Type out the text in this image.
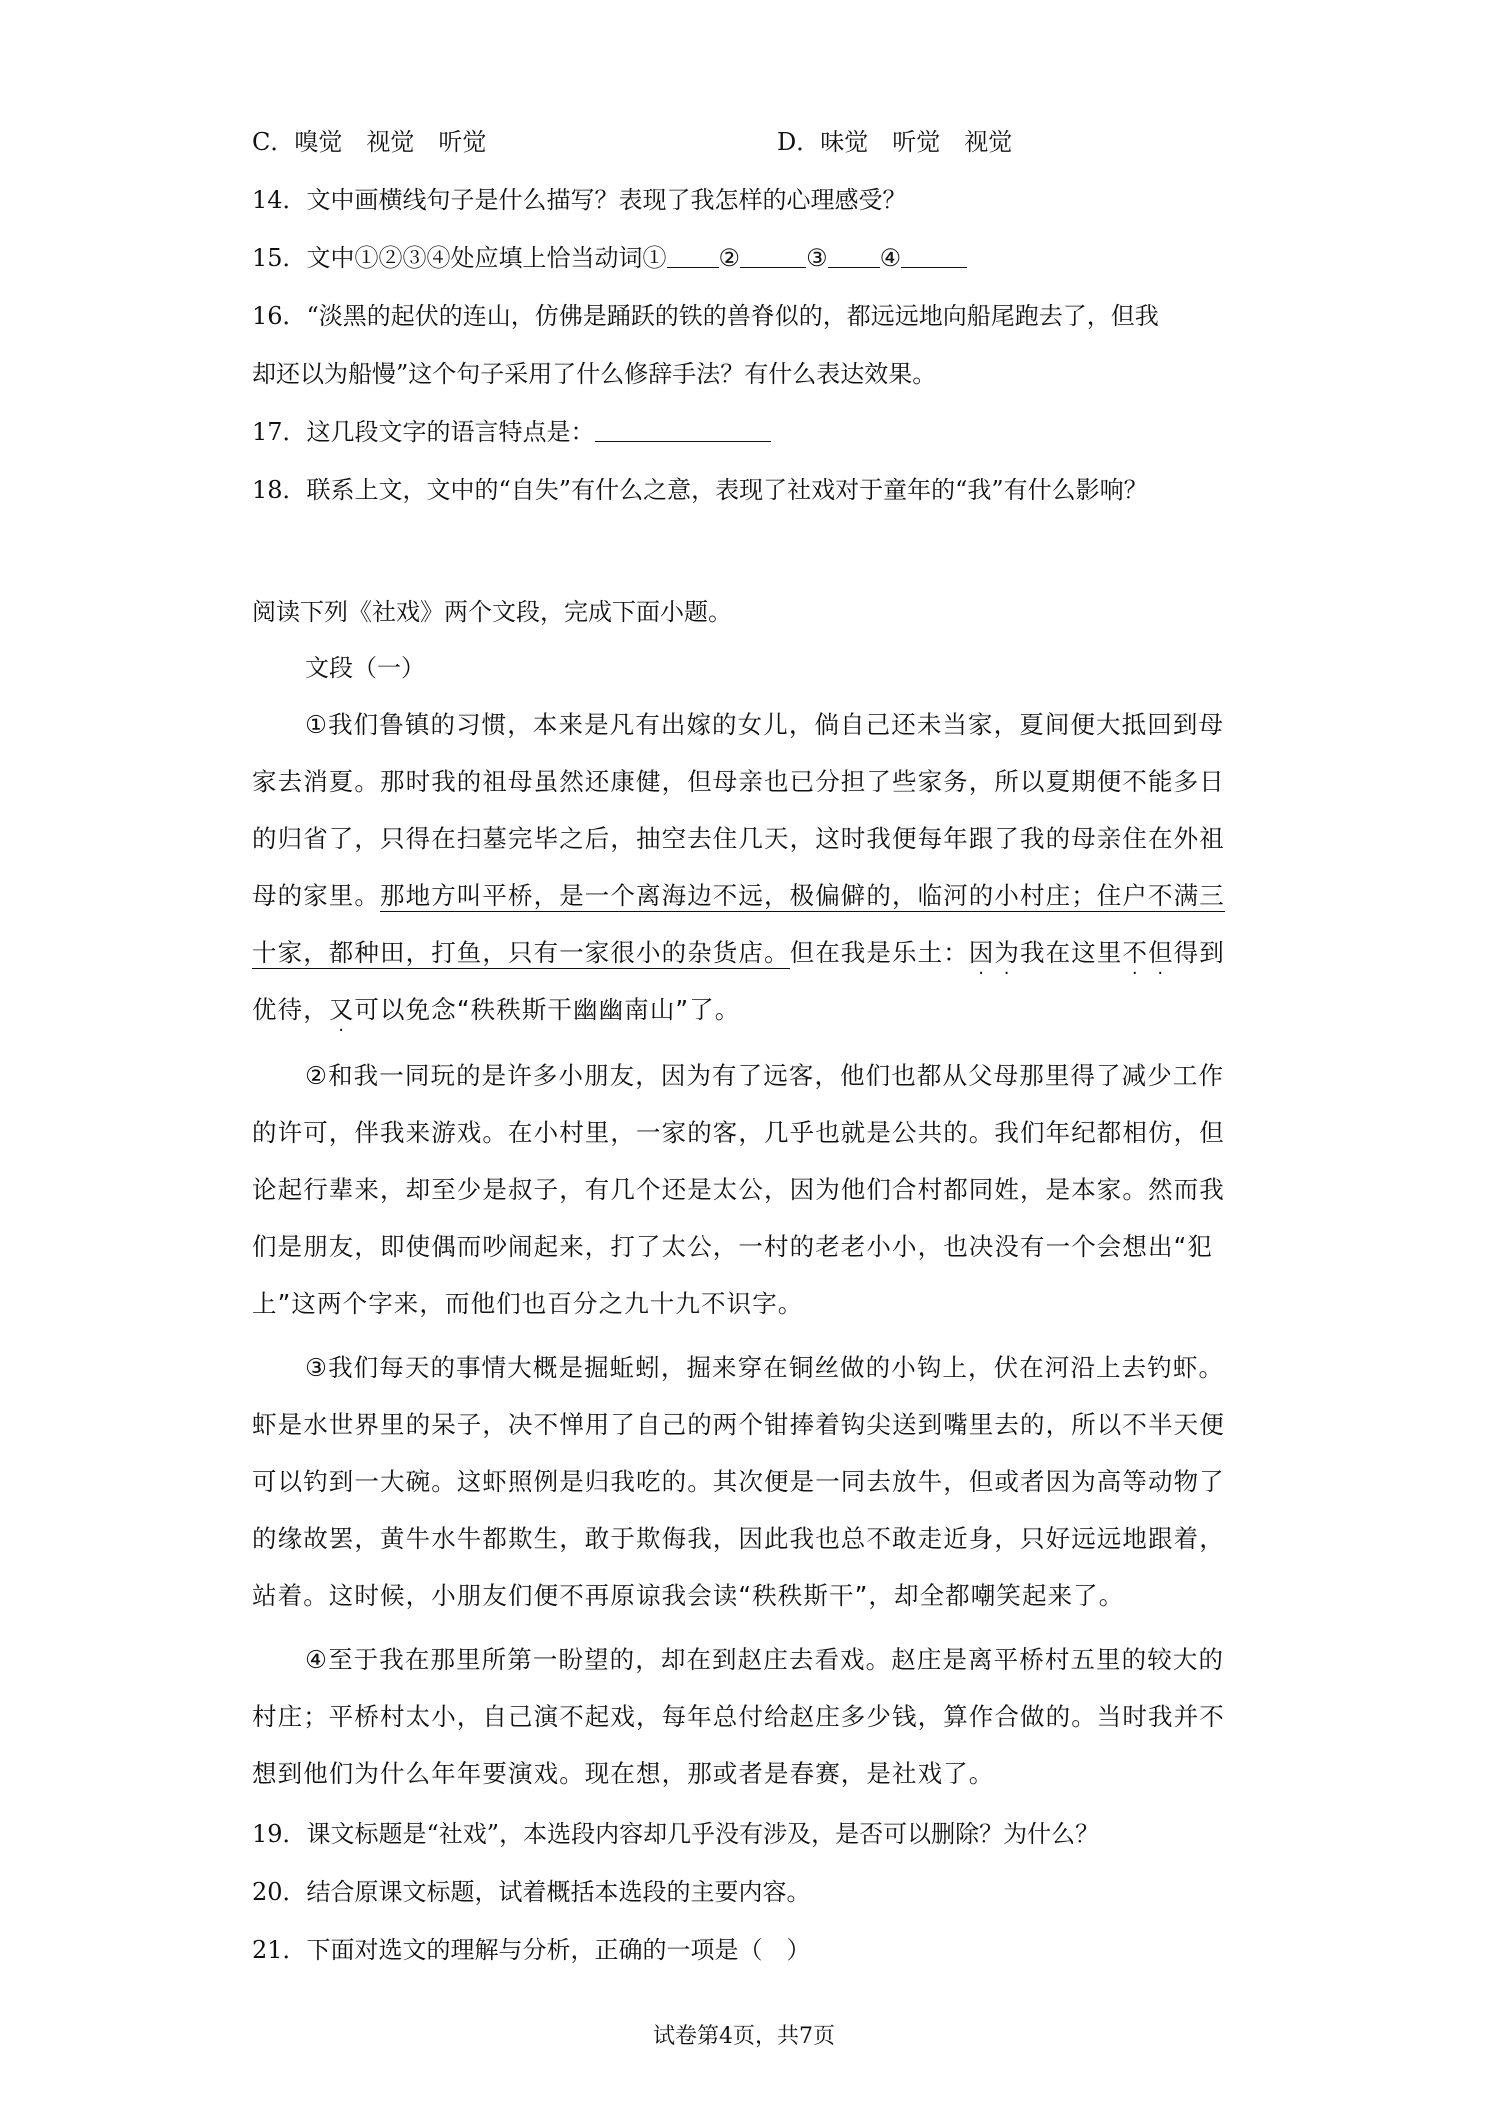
C．嗅觉　视觉　听觉	D．味觉　听觉　视觉
14．文中画横线句子是什么描写？表现了我怎样的心理感受？
15．文中①②③④处应填上恰当动词① ②	③ ④
16．“淡黑的起伏的连山，仿佛是踊跃的铁的兽脊似的，都远远地向船尾跑去了，但我
却还以为船慢”这个句子采用了什么修辞手法？有什么表达效果。
17．这几段文字的语言特点是：
18．联系上文，文中的“自失”有什么之意，表现了社戏对于童年的“我”有什么影响？
阅读下列《社戏》两个文段，完成下面小题。
文段（一）
①我们鲁镇的习惯，本来是凡有出嫁的女儿，倘自己还未当家，夏间便大抵回到母
家去消夏。那时我的祖母虽然还康健，但母亲也已分担了些家务，所以夏期便不能多日
的归省了，只得在扫墓完毕之后，抽空去住几天，这时我便每年跟了我的母亲住在外祖
母的家里。那地方叫平桥，是一个离海边不远，极偏僻的，临河的小村庄；住户不满三
十家，都种田，打鱼，只有一家很小的杂货店。但在我是乐土：因为我在这里不但得到
优待，又可以免念“秩秩斯干幽幽南山”了。
②和我一同玩的是许多小朋友，因为有了远客，他们也都从父母那里得了减少工作
的许可，伴我来游戏。在小村里，一家的客，几乎也就是公共的。我们年纪都相仿，但
论起行辈来，却至少是叔子，有几个还是太公，因为他们合村都同姓，是本家。然而我
们是朋友，即使偶而吵闹起来，打了太公，一村的老老小小，也决没有一个会想出“犯
上”这两个字来，而他们也百分之九十九不识字。
③我们每天的事情大概是掘蚯蚓，掘来穿在铜丝做的小钩上，伏在河沿上去钓虾。
虾是水世界里的呆子，决不惮用了自己的两个钳捧着钩尖送到嘴里去的，所以不半天便
可以钓到一大碗。这虾照例是归我吃的。其次便是一同去放牛，但或者因为高等动物了
的缘故罢，黄牛水牛都欺生，敢于欺侮我，因此我也总不敢走近身，只好远远地跟着，
站着。这时候，小朋友们便不再原谅我会读“秩秩斯干”，却全都嘲笑起来了。
④至于我在那里所第一盼望的，却在到赵庄去看戏。赵庄是离平桥村五里的较大的
村庄；平桥村太小，自己演不起戏，每年总付给赵庄多少钱，算作合做的。当时我并不
想到他们为什么年年要演戏。现在想，那或者是春赛，是社戏了。
19．课文标题是“社戏”，本选段内容却几乎没有涉及，是否可以删除？为什么？
20．结合原课文标题，试着概括本选段的主要内容。
21．下面对选文的理解与分析，正确的一项是（　）
试卷第4页，共7页
